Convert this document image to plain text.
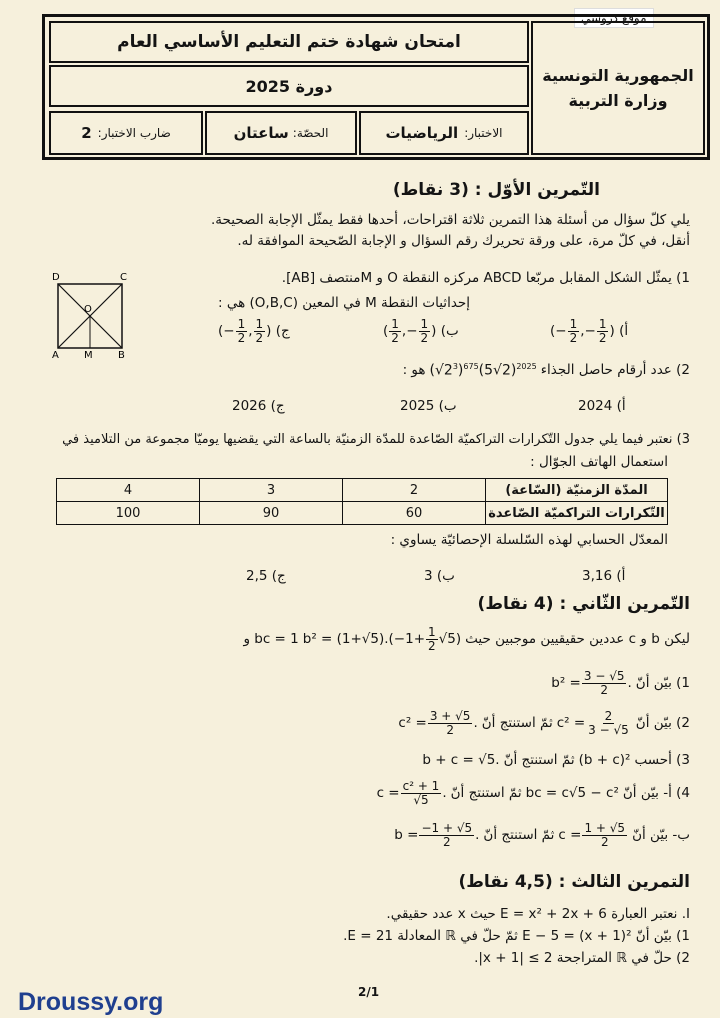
موقع دروسي
امتحان شهادة ختم التعليم الأساسي العام
دورة 2025
الجمهورية التونسية
وزارة التربية
الاختبار:
الرياضيات
الحصّة:
ساعتان
ضارب الاختبار:
2
التّمرين الأوّل : (3 نقاط)
يلي كلّ سؤال من أسئلة هذا التمرين ثلاثة اقتراحات، أحدها فقط يمثّل الإجابة الصحيحة.
أنقل، في كلّ مرة، على ورقة تحريرك رقم السؤال و الإجابة الصّحيحة الموافقة له.
D	C
A	M	B
O
1) يمثّل الشكل المقابل مربّعا ABCD مركزه النقطة O و Mمنتصف [AB].
إحداثيات النقطة M في المعين (O,B,C) هي :
أ) (− $\frac{1}{2}$ ,− $\frac{1}{2}$ )
ب) ( $\frac{1}{2}$ ,− $\frac{1}{2}$ )
ج) (− $\frac{1}{2}$ , $\frac{1}{2}$ )
2) عدد أرقام حاصل الجذاء
$(√2^3)^{675}(5√2)^{2025}$
هو :
أ) 2024
ب) 2025
ج) 2026
3) نعتبر فيما يلي جدول التّكرارات التراكميّة الصّاعدة للمدّة الزمنيّة بالساعة التي يقضيها يوميّا مجموعة من التلاميذ في
استعمال الهاتف الجوّال :
4	3	2	المدّة الزمنيّة (السّاعة)
100	90	60	التّكرارات التراكميّة الصّاعدة
المعدّل الحسابي لهذه السّلسلة الإحصائيّة يساوي :
أ) 3,16
ب) 3
ج) 2,5
التّمرين الثّاني : (4 نقاط)
ليكن b و c عددين حقيقيين موجبين حيث
$b^2 = (1+√5).(-1+ \frac{1}{2} √5)$
bc = 1 و
1) بيّن أنّ
$b^2 = \frac{3 - √5}{2}$ .
2) بيّن أنّ
$c^2 = \frac{2}{3 - √5}$
ثمّ استنتج أنّ
$c^2 = \frac{3 + √5}{2}$ .
3) أحسب
(b + c)²
ثمّ استنتج أنّ
b + c = √5.
4) أ- بيّن أنّ
bc = c√5 − c²
ثمّ استنتج أنّ
$c = \frac{\text{c² + 1}}{√5}$ .
ب- بيّن أنّ
$c = \frac{1 + √5}{2}$
ثمّ استنتج أنّ
$b = \frac{-1 + √5}{2}$ .
التمرين الثالث : (4,5 نقاط)
I. نعتبر العبارة E = x² + 2x + 6 حيث x عدد حقيقي.
1) بيّن أنّ E − 5 = (x + 1)² ثمّ حلّ في ℝ المعادلة E = 21.
2) حلّ في ℝ المتراجحة 2 ≥ |x + 1|.
Droussy.org	2/1
